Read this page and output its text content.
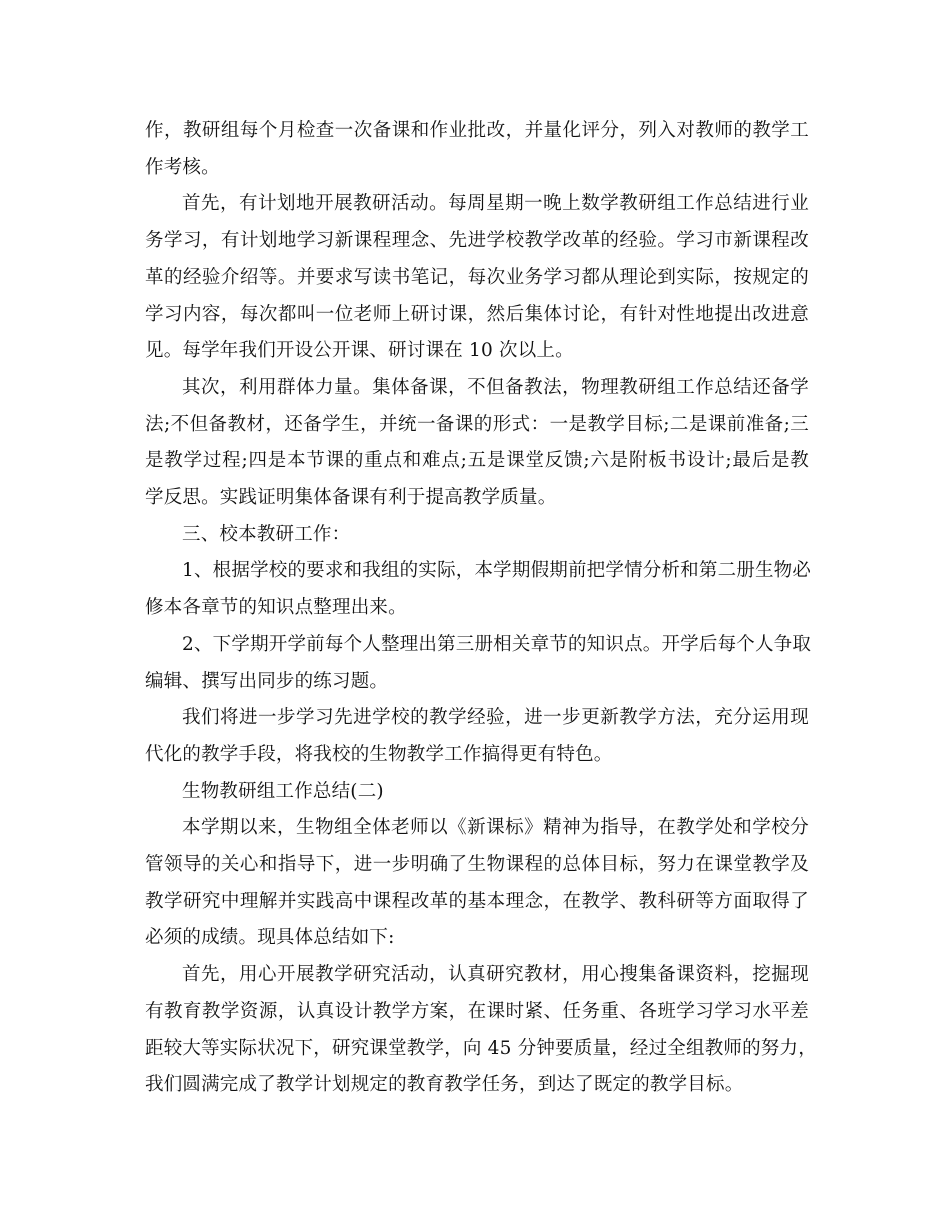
作，教研组每个月检查一次备课和作业批改，并量化评分，列入对教师的教学工
作考核。
首先，有计划地开展教研活动。每周星期一晚上数学教研组工作总结进行业
务学习，有计划地学习新课程理念、先进学校教学改革的经验。学习市新课程改
革的经验介绍等。并要求写读书笔记，每次业务学习都从理论到实际，按规定的
学习内容，每次都叫一位老师上研讨课，然后集体讨论，有针对性地提出改进意
见。每学年我们开设公开课、研讨课在 10 次以上。
其次，利用群体力量。集体备课，不但备教法，物理教研组工作总结还备学
法;不但备教材，还备学生，并统一备课的形式：一是教学目标;二是课前准备;三
是教学过程;四是本节课的重点和难点;五是课堂反馈;六是附板书设计;最后是教
学反思。实践证明集体备课有利于提高教学质量。
三、校本教研工作：
1、根据学校的要求和我组的实际，本学期假期前把学情分析和第二册生物必
修本各章节的知识点整理出来。
2、下学期开学前每个人整理出第三册相关章节的知识点。开学后每个人争取
编辑、撰写出同步的练习题。
我们将进一步学习先进学校的教学经验，进一步更新教学方法，充分运用现
代化的教学手段，将我校的生物教学工作搞得更有特色。
生物教研组工作总结(二)
本学期以来，生物组全体老师以《新课标》精神为指导，在教学处和学校分
管领导的关心和指导下，进一步明确了生物课程的总体目标，努力在课堂教学及
教学研究中理解并实践高中课程改革的基本理念，在教学、教科研等方面取得了
必须的成绩。现具体总结如下:
首先，用心开展教学研究活动，认真研究教材，用心搜集备课资料，挖掘现
有教育教学资源，认真设计教学方案，在课时紧、任务重、各班学习学习水平差
距较大等实际状况下，研究课堂教学，向 45 分钟要质量，经过全组教师的努力，
我们圆满完成了教学计划规定的教育教学任务，到达了既定的教学目标。
